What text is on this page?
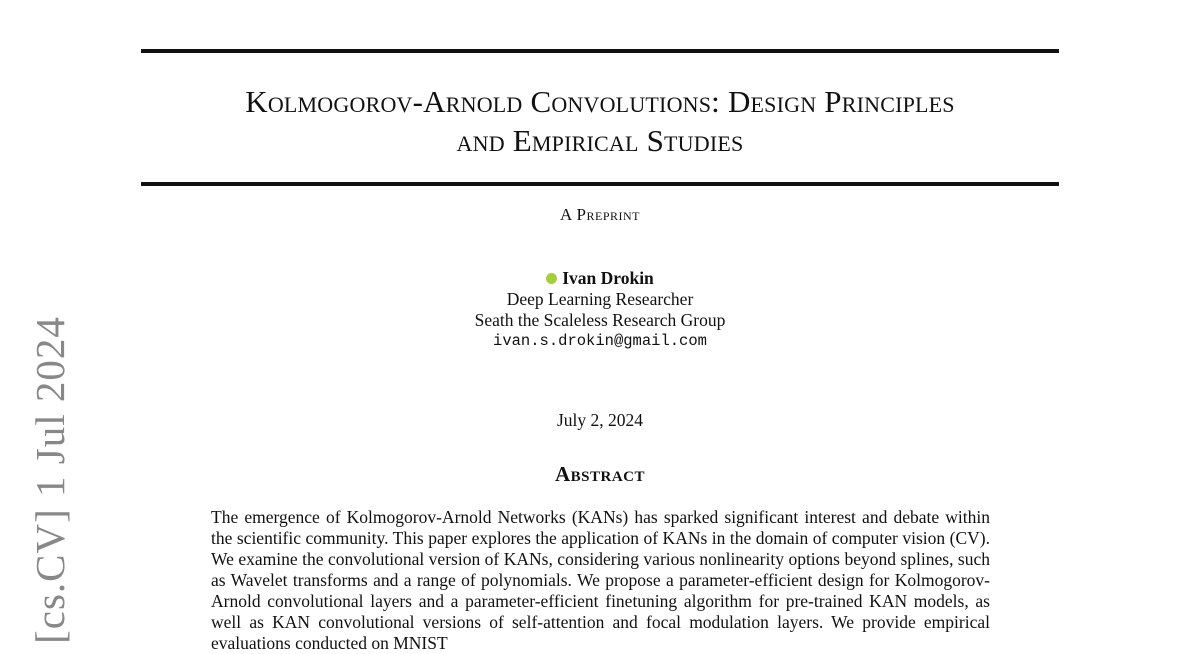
Kolmogorov-Arnold Convolutions: Design Principles
and Empirical Studies
A Preprint
Ivan Drokin
Deep Learning Researcher
Seath the Scaleless Research Group
ivan.s.drokin@gmail.com
July 2, 2024
Abstract
The emergence of Kolmogorov-Arnold Networks (KANs) has sparked significant interest and debate within the scientific community. This paper explores the application of KANs in the domain of computer vision (CV). We examine the convolutional version of KANs, considering various nonlinearity options beyond splines, such as Wavelet transforms and a range of polynomials. We propose a parameter-efficient design for Kolmogorov-Arnold convolutional layers and a parameter-efficient finetuning algorithm for pre-trained KAN models, as well as KAN convolutional versions of self-attention and focal modulation layers. We provide empirical evaluations conducted on MNIST
[cs.CV] 1 Jul 2024
